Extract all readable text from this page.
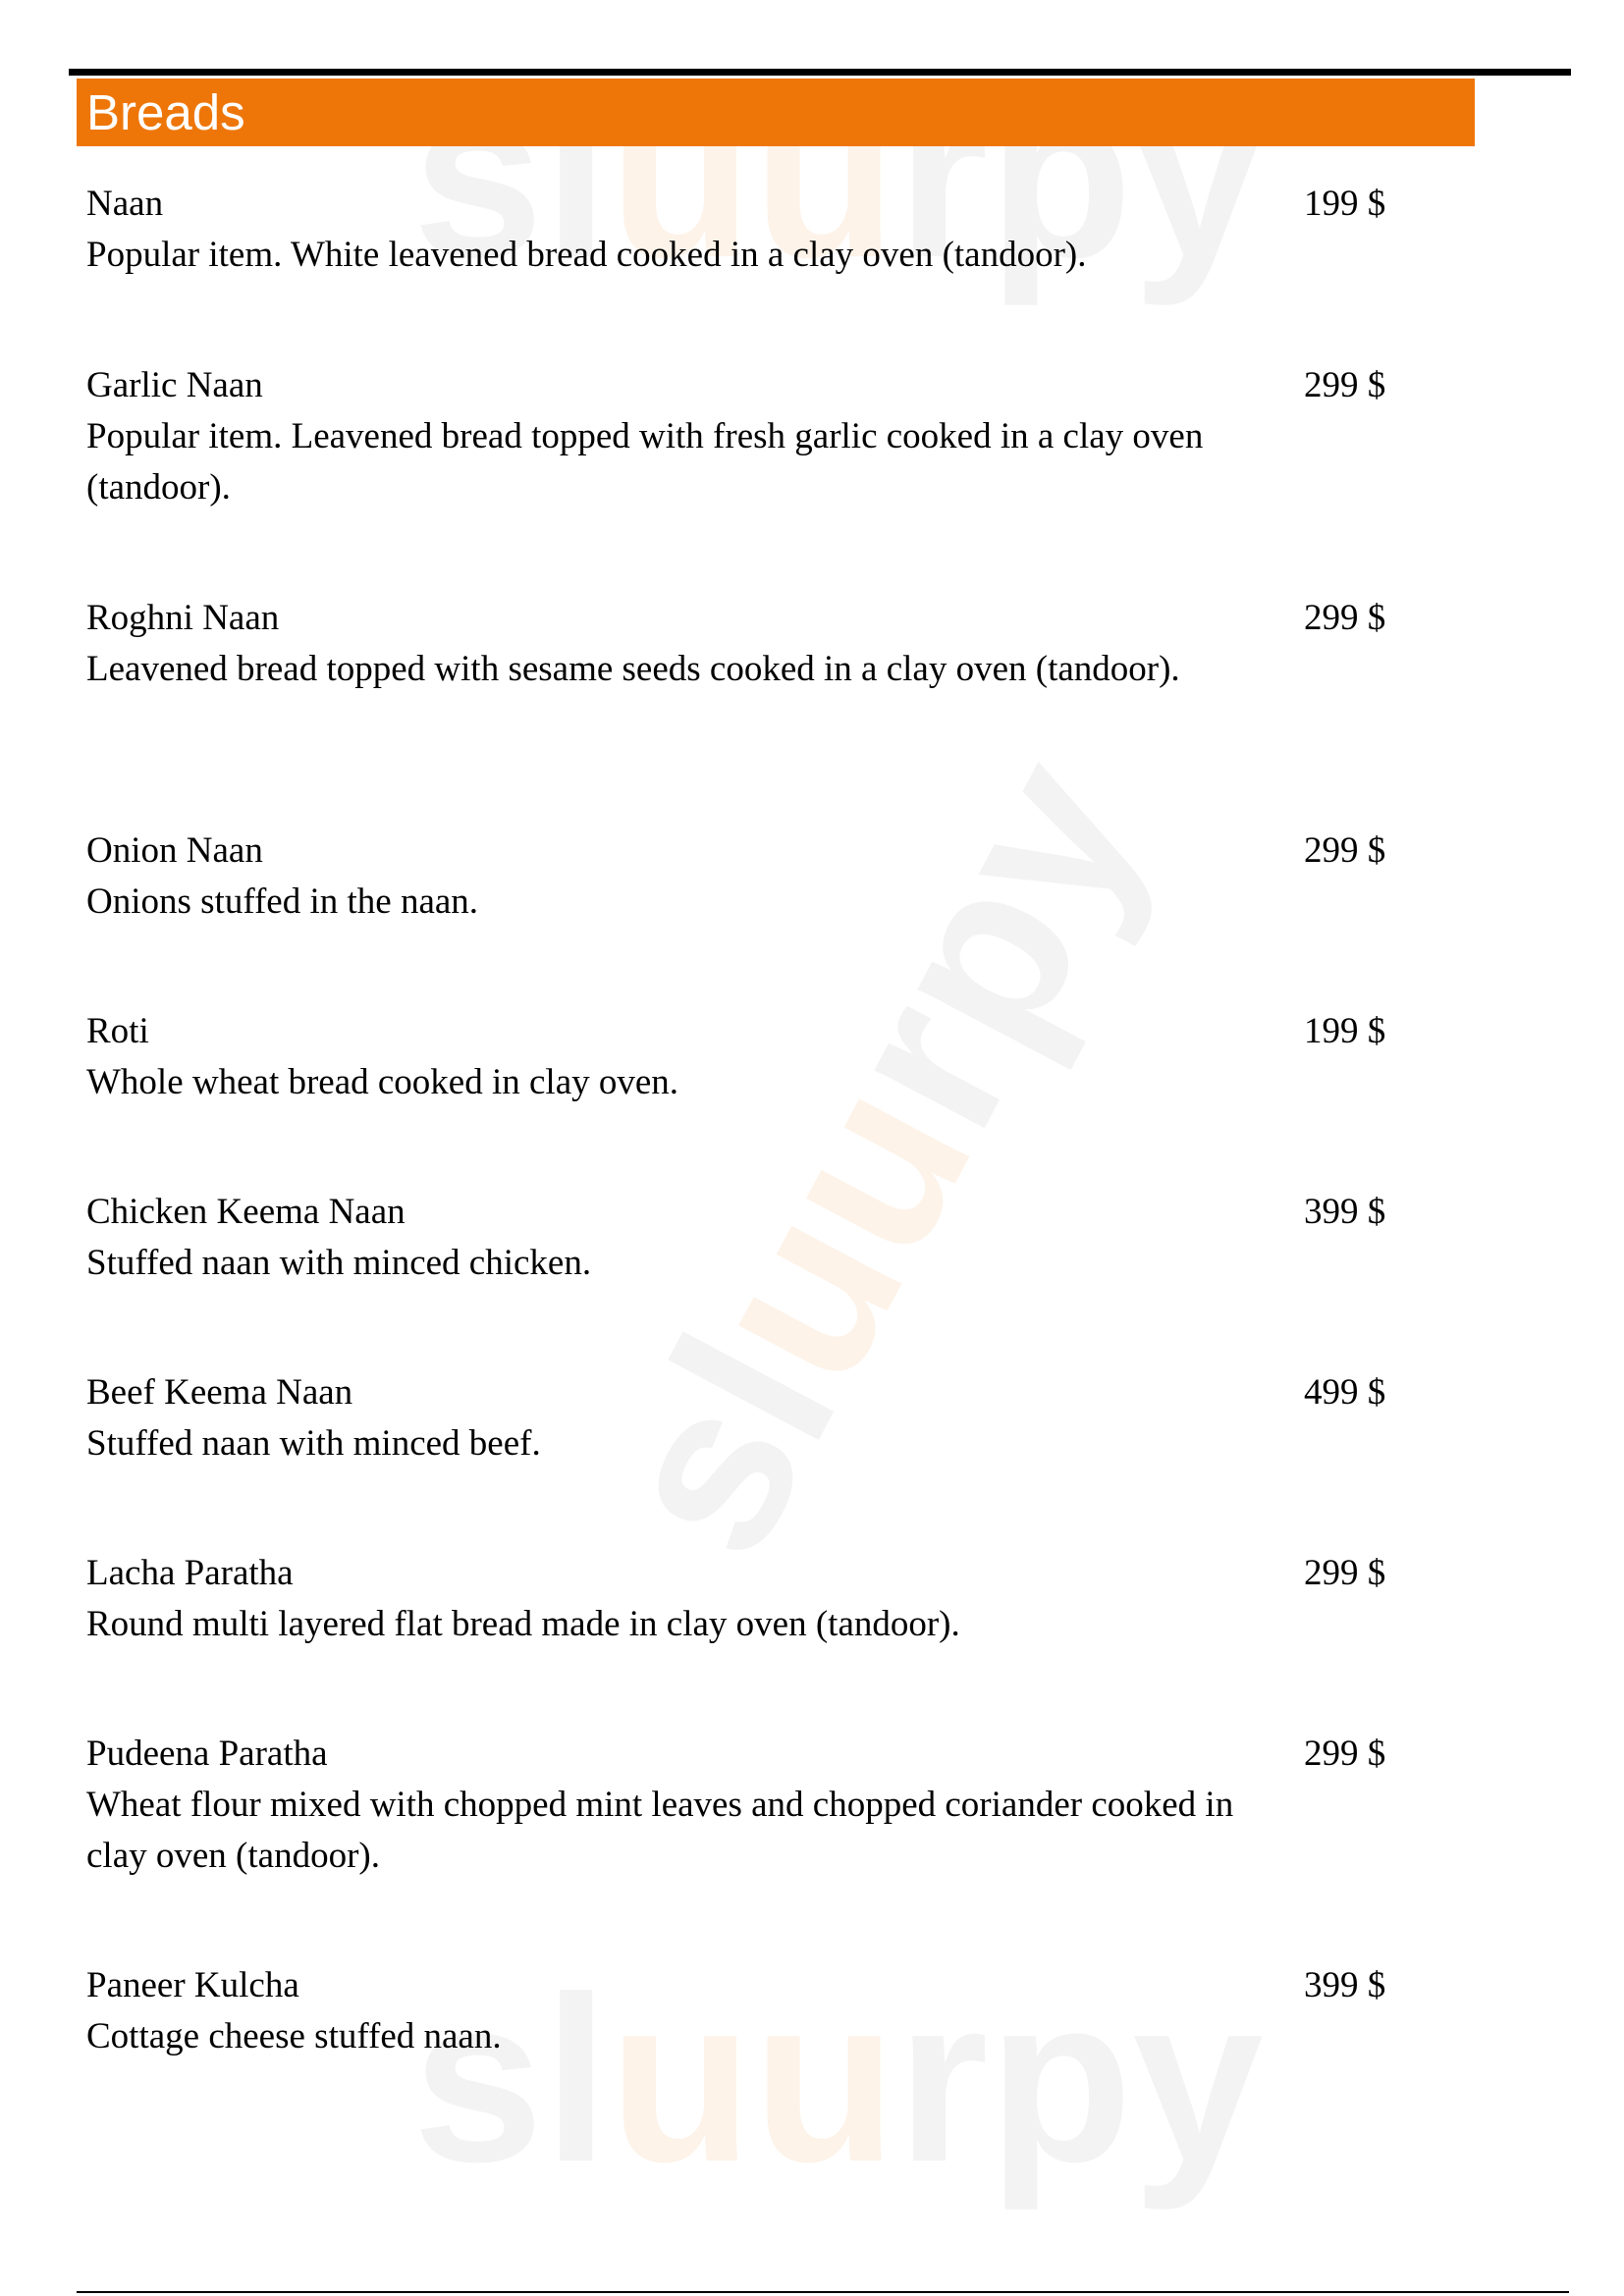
sluurpy
sluurpy
sluurpy
Breads
Naan	199 $
Popular item. White leavened bread cooked in a clay oven (tandoor).
Garlic Naan	299 $
Popular item. Leavened bread topped with fresh garlic cooked in a clay oven (tandoor).
Roghni Naan	299 $
Leavened bread topped with sesame seeds cooked in a clay oven (tandoor).
Onion Naan	299 $
Onions stuffed in the naan.
Roti	199 $
Whole wheat bread cooked in clay oven.
Chicken Keema Naan	399 $
Stuffed naan with minced chicken.
Beef Keema Naan	499 $
Stuffed naan with minced beef.
Lacha Paratha	299 $
Round multi layered flat bread made in clay oven (tandoor).
Pudeena Paratha	299 $
Wheat flour mixed with chopped mint leaves and chopped coriander cooked in clay oven (tandoor).
Paneer Kulcha	399 $
Cottage cheese stuffed naan.
